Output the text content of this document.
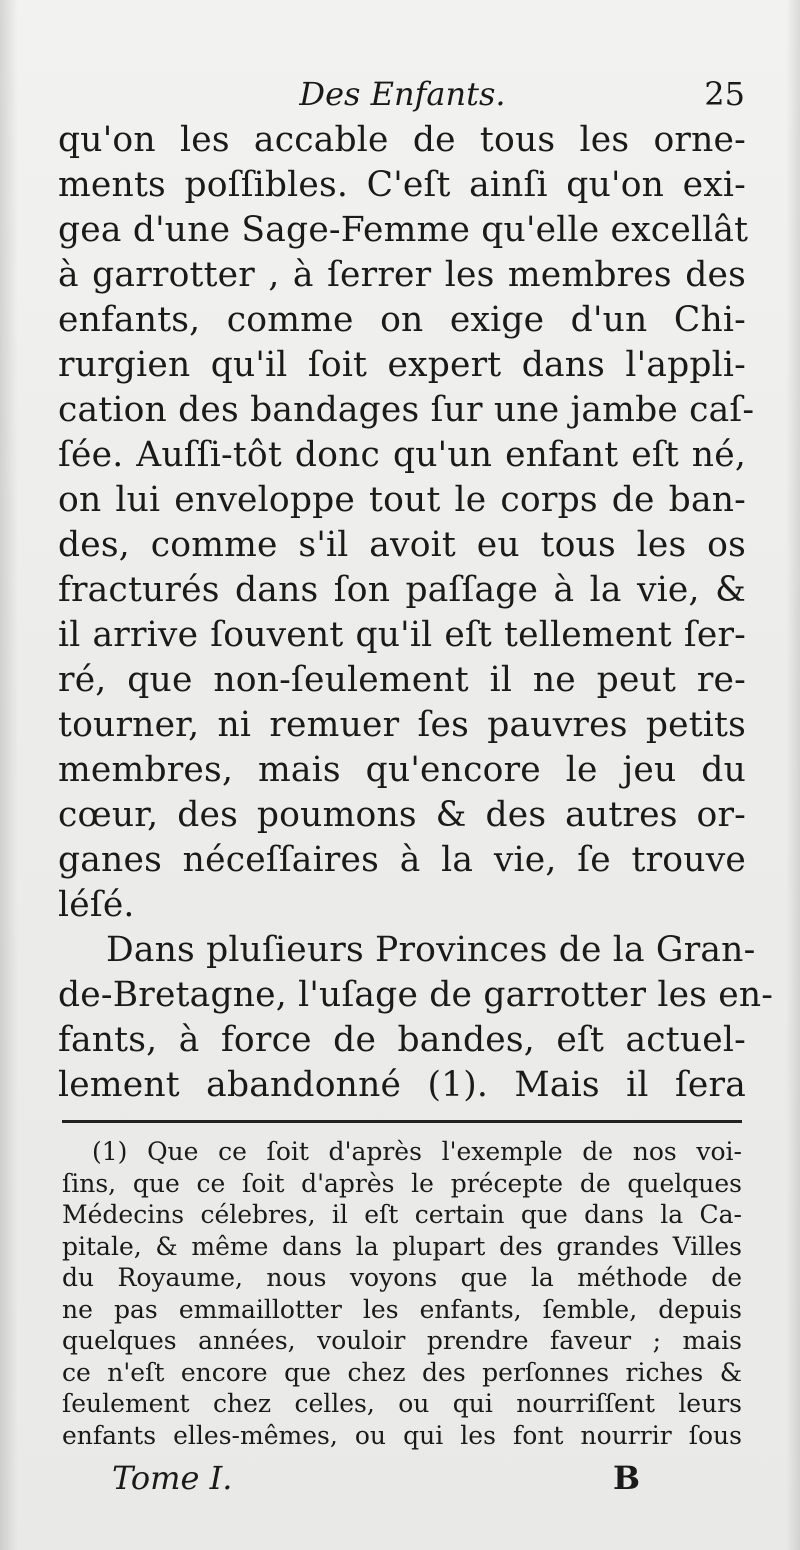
Des Enfants.	25
qu'on les accable de tous les orne-
ments poſſibles. C'eſt ainſi qu'on exi-
gea d'une Sage-Femme qu'elle excellât
à garrotter , à ſerrer les membres des
enfants, comme on exige d'un Chi-
rurgien qu'il ſoit expert dans l'appli-
cation des bandages ſur une jambe caſ-
ſée. Auſſi-tôt donc qu'un enfant eſt né,
on lui enveloppe tout le corps de ban-
des, comme s'il avoit eu tous les os
fracturés dans ſon paſſage à la vie, &
il arrive ſouvent qu'il eſt tellement ſer-
ré, que non-ſeulement il ne peut re-
tourner, ni remuer ſes pauvres petits
membres, mais qu'encore le jeu du
cœur, des poumons & des autres or-
ganes néceſſaires à la vie, ſe trouve
léſé.
Dans pluſieurs Provinces de la Gran-
de-Bretagne, l'uſage de garrotter les en-
fants, à force de bandes, eſt actuel-
lement abandonné (1). Mais il ſera
(1) Que ce ſoit d'après l'exemple de nos voi-
ſins, que ce ſoit d'après le précepte de quelques
Médecins célebres, il eſt certain que dans la Ca-
pitale, & même dans la plupart des grandes Villes
du Royaume, nous voyons que la méthode de
ne pas emmaillotter les enfants, ſemble, depuis
quelques années, vouloir prendre faveur ; mais
ce n'eſt encore que chez des perſonnes riches &
ſeulement chez celles, ou qui nourriſſent leurs
enfants elles-mêmes, ou qui les font nourrir ſous
Tome I.	B
